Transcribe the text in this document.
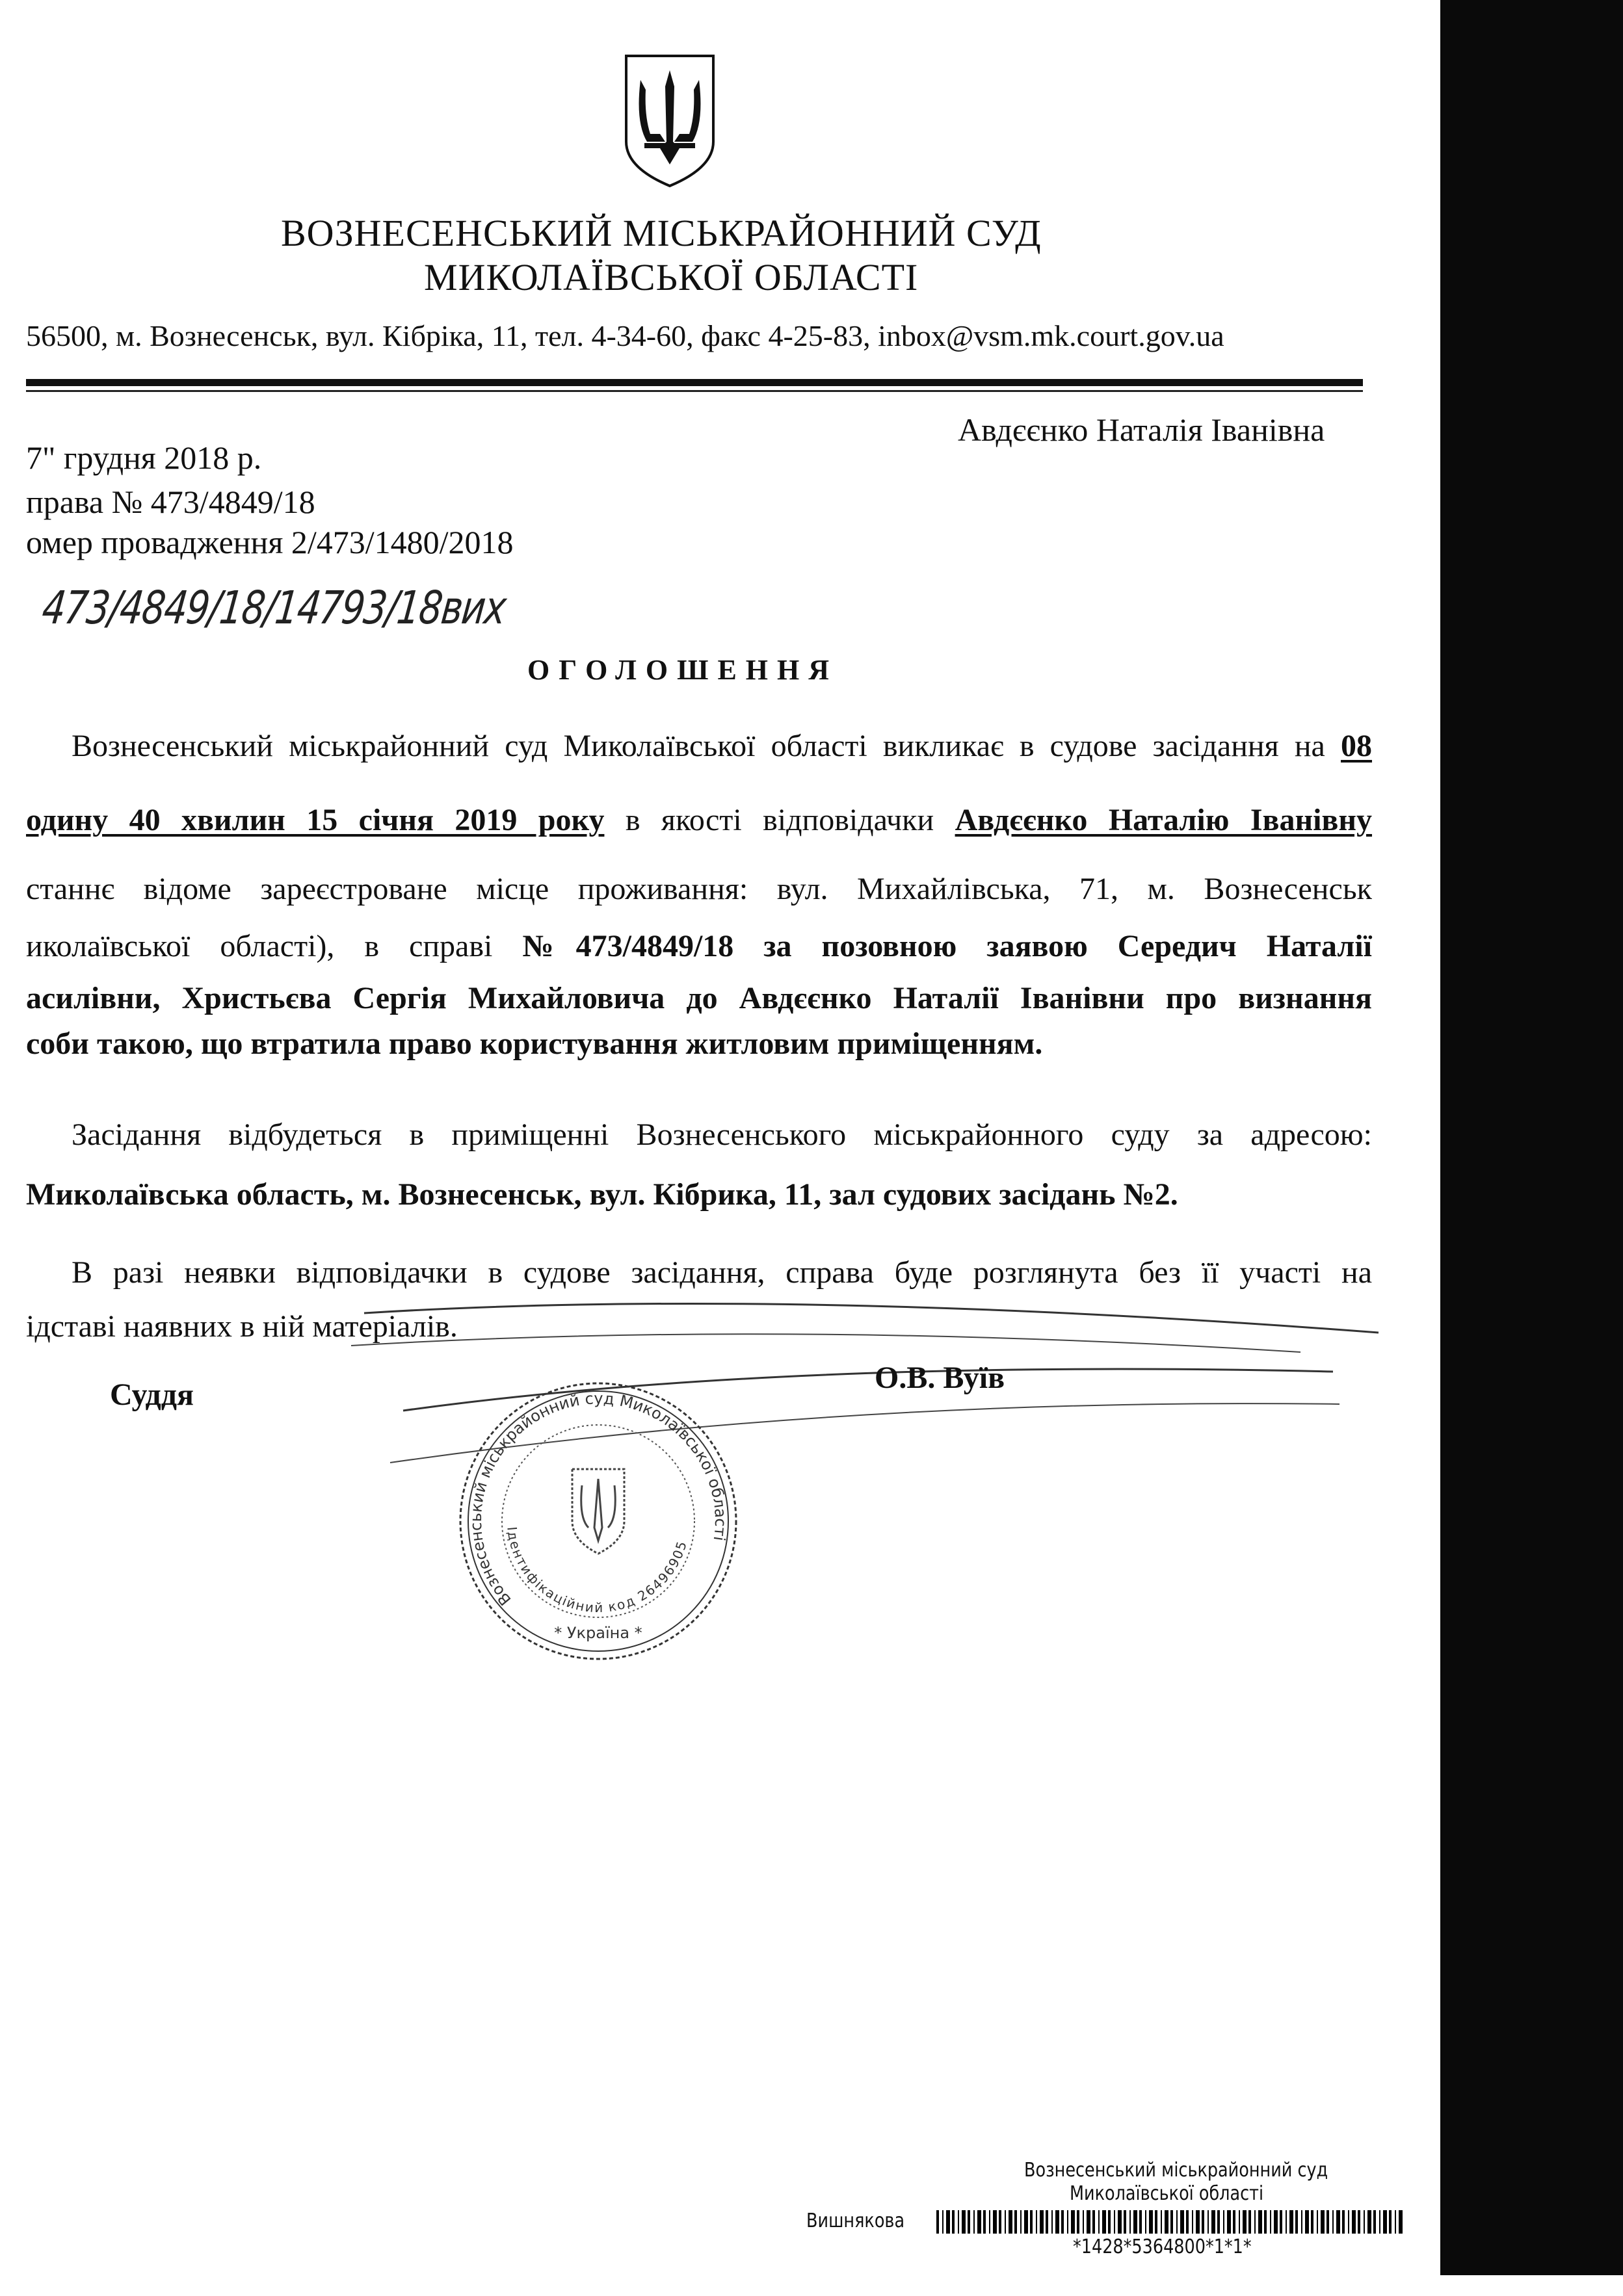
ВОЗНЕСЕНСЬКИЙ МІСЬКРАЙОННИЙ СУД
МИКОЛАЇВСЬКОЇ ОБЛАСТІ
56500, м. Вознесенськ, вул. Кібріка, 11, тел. 4-34-60, факс 4-25-83, inbox@vsm.mk.court.gov.ua
Авдєєнко Наталія Іванівна
7" грудня 2018 р.
права № 473/4849/18
омер провадження 2/473/1480/2018
473/4849/18/14793/18вих
ОГОЛОШЕННЯ
Вознесенський міськрайонний суд Миколаївської області викликає в судове засідання на 08
одину 40 хвилин 15 січня 2019 року в якості відповідачки Авдєєнко Наталію Іванівну
станнє відоме зареєстроване місце проживання: вул. Михайлівська, 71, м. Вознесенськ
иколаївської області), в справі №473/4849/18 за позовною заявою Середич Наталії
асилівни, Христьєва Сергія Михайловича до Авдєєнко Наталії Іванівни про визнання
соби такою, що втратила право користування житловим приміщенням.
Засідання відбудеться в приміщенні Вознесенського міськрайонного суду за адресою:
Миколаївська область, м. Вознесенськ, вул. Кібрика, 11, зал судових засідань №2.
В разі неявки відповідачки в судове засідання, справа буде розглянута без її участі на
ідставі наявних в ній матеріалів.
Суддя	О.В. Вуїв
Вознесенський міськрайонний суд Миколаївської області
Ідентифікаційний код 26496905
* Україна *
Вознесенський міськрайонний суд
Миколаївської області
Вишнякова
*1428*5364800*1*1*
